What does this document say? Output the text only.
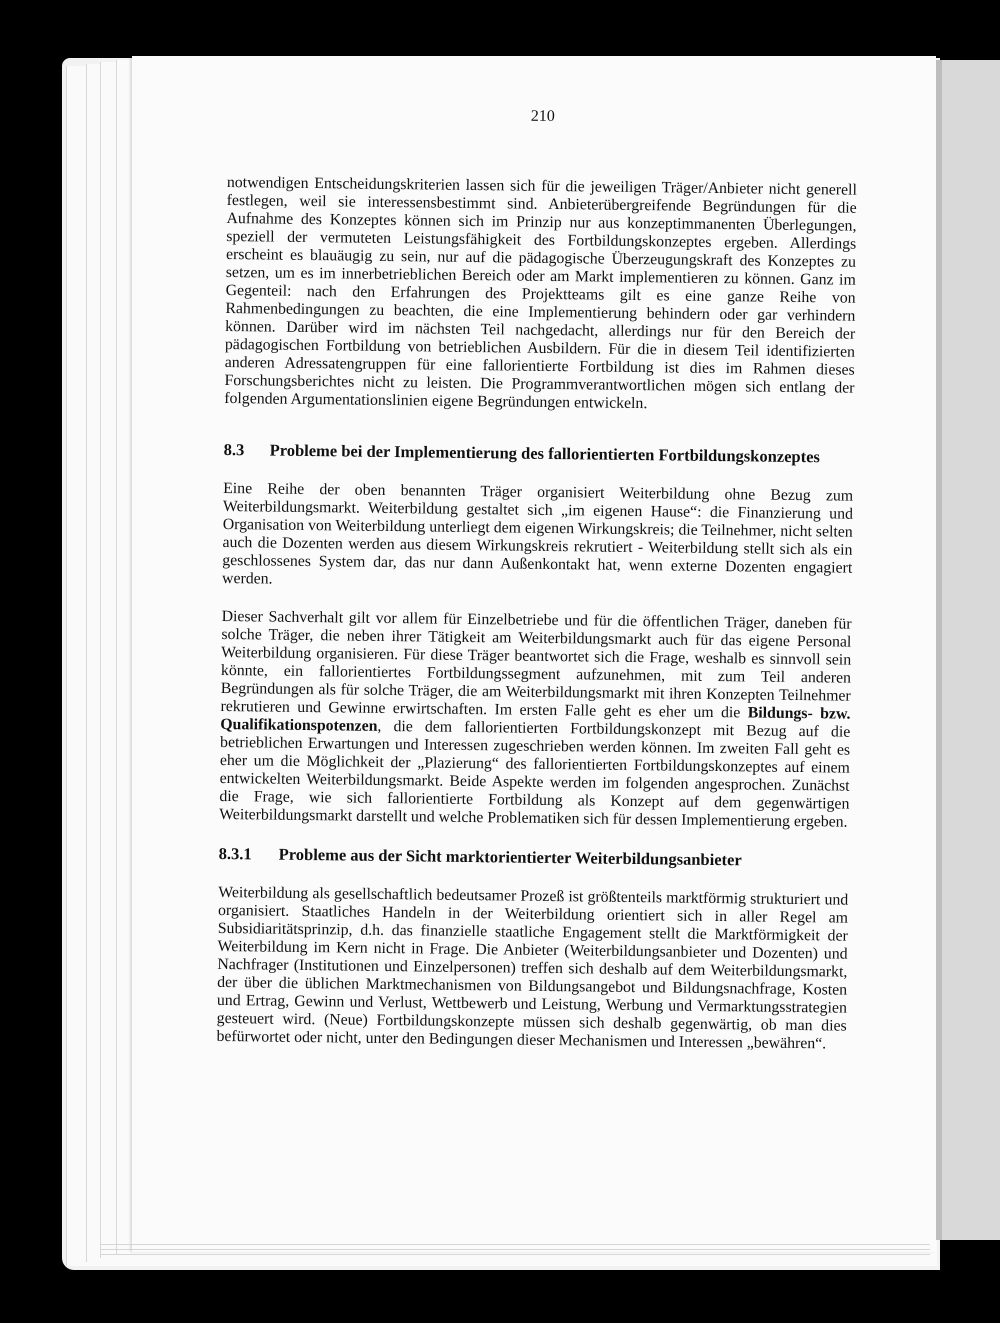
210

notwendigen Entscheidungskriterien lassen sich für die jeweiligen Träger/Anbieter nicht generell festlegen, weil sie interessensbestimmt sind. Anbieterübergreifende Begründungen für die Aufnahme des Konzeptes können sich im Prinzip nur aus konzeptimmanenten Überlegungen, speziell der vermuteten Leistungsfähigkeit des Fortbildungskonzeptes ergeben. Allerdings erscheint es blauäugig zu sein, nur auf die pädagogische Überzeugungskraft des Konzeptes zu setzen, um es im innerbetrieblichen Bereich oder am Markt implementieren zu können. Ganz im Gegenteil: nach den Erfahrungen des Projektteams gilt es eine ganze Reihe von Rahmenbedingungen zu beachten, die eine Implementierung behindern oder gar verhindern können. Darüber wird im nächsten Teil nachgedacht, allerdings nur für den Bereich der pädagogischen Fortbildung von betrieblichen Ausbildern. Für die in diesem Teil identifizierten anderen Adressatengruppen für eine fallorientierte Fortbildung ist dies im Rahmen dieses Forschungsberichtes nicht zu leisten. Die Programmverantwortlichen mögen sich entlang der folgenden Argumentationslinien eigene Begründungen entwickeln.

8.3 Probleme bei der Implementierung des fallorientierten Fortbildungskonzeptes

Eine Reihe der oben benannten Träger organisiert Weiterbildung ohne Bezug zum Weiterbildungsmarkt. Weiterbildung gestaltet sich „im eigenen Hause“: die Finanzierung und Organisation von Weiterbildung unterliegt dem eigenen Wirkungskreis; die Teilnehmer, nicht selten auch die Dozenten werden aus diesem Wirkungskreis rekrutiert - Weiterbildung stellt sich als ein geschlossenes System dar, das nur dann Außenkontakt hat, wenn externe Dozenten engagiert werden.

Dieser Sachverhalt gilt vor allem für Einzelbetriebe und für die öffentlichen Träger, daneben für solche Träger, die neben ihrer Tätigkeit am Weiterbildungsmarkt auch für das eigene Personal Weiterbildung organisieren. Für diese Träger beantwortet sich die Frage, weshalb es sinnvoll sein könnte, ein fallorientiertes Fortbildungssegment aufzunehmen, mit zum Teil anderen Begründungen als für solche Träger, die am Weiterbildungsmarkt mit ihren Konzepten Teilnehmer rekrutieren und Gewinne erwirtschaften. Im ersten Falle geht es eher um die Bildungs- bzw. Qualifikationspotenzen, die dem fallorientierten Fortbildungskonzept mit Bezug auf die betrieblichen Erwartungen und Interessen zugeschrieben werden können. Im zweiten Fall geht es eher um die Möglichkeit der „Plazierung“ des fallorientierten Fortbildungskonzeptes auf einem entwickelten Weiterbildungsmarkt. Beide Aspekte werden im folgenden angesprochen. Zunächst die Frage, wie sich fallorientierte Fortbildung als Konzept auf dem gegenwärtigen Weiterbildungsmarkt darstellt und welche Problematiken sich für dessen Implementierung ergeben.

8.3.1 Probleme aus der Sicht marktorientierter Weiterbildungsanbieter

Weiterbildung als gesellschaftlich bedeutsamer Prozeß ist größtenteils marktförmig strukturiert und organisiert. Staatliches Handeln in der Weiterbildung orientiert sich in aller Regel am Subsidiaritätsprinzip, d.h. das finanzielle staatliche Engagement stellt die Marktförmigkeit der Weiterbildung im Kern nicht in Frage. Die Anbieter (Weiterbildungsanbieter und Dozenten) und Nachfrager (Institutionen und Einzelpersonen) treffen sich deshalb auf dem Weiterbildungsmarkt, der über die üblichen Marktmechanismen von Bildungsangebot und Bildungsnachfrage, Kosten und Ertrag, Gewinn und Verlust, Wettbewerb und Leistung, Werbung und Vermarktungsstrategien gesteuert wird. (Neue) Fortbildungskonzepte müssen sich deshalb gegenwärtig, ob man dies befürwortet oder nicht, unter den Bedingungen dieser Mechanismen und Interessen „bewähren“.
